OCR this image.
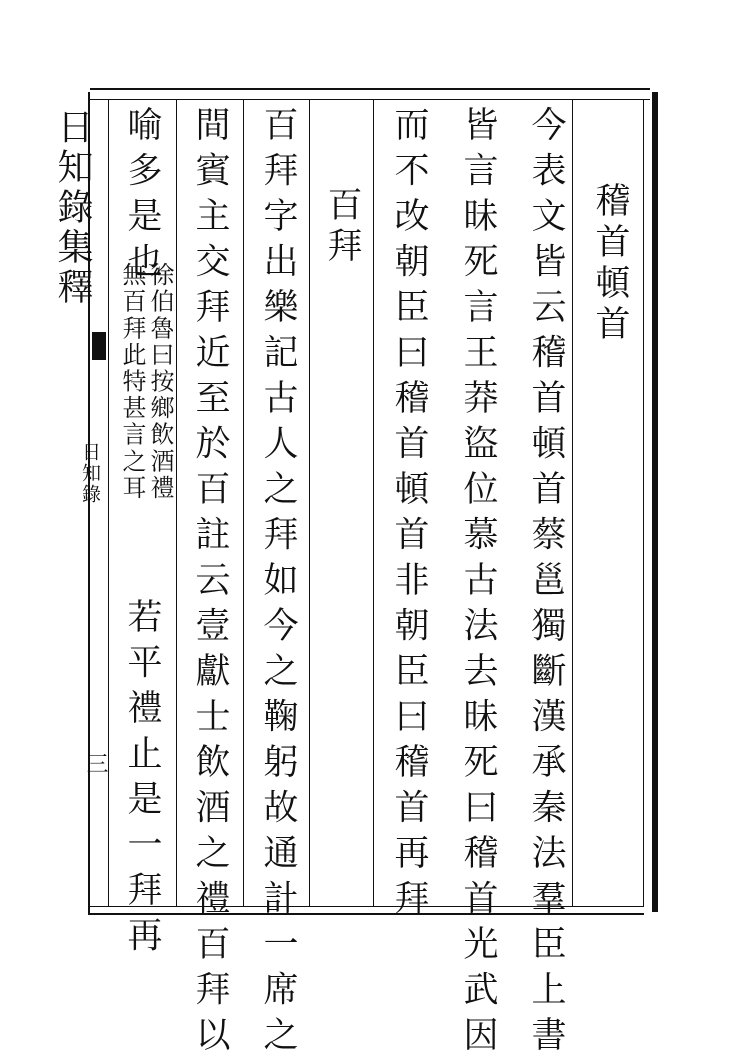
日知錄集釋
日知錄
三
稽首頓首
今表文皆云稽首頓首蔡邕獨斷漢承秦法羣臣上書
皆言昧死言王莽盜位慕古法去昧死曰稽首光武因
而不改朝臣曰稽首頓首非朝臣曰稽首再拜
百拜
百拜字出樂記古人之拜如今之鞠躬故通計一席之
間賓主交拜近至於百註云壹獻士飲酒之禮百拜以
喻多是也
徐伯魯曰按鄉飲酒禮
無百拜此特甚言之耳
若平禮止是一拜再
